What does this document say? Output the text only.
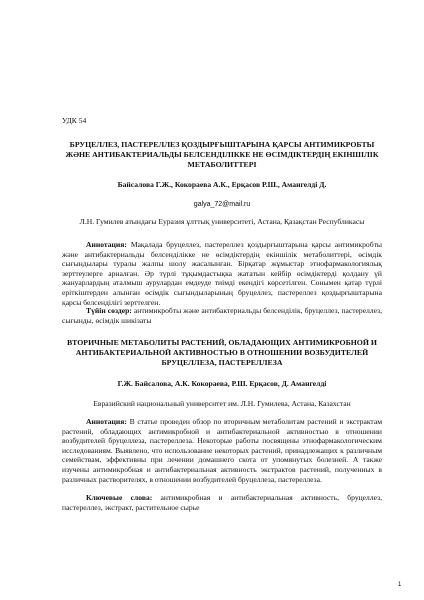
УДК 54
БРУЦЕЛЛЕЗ, ПАСТЕРЕЛЛЕЗ ҚОЗДЫРҒЫШТАРЫНА ҚАРСЫ АНТИМИКРОБТЫ ЖӘНЕ АНТИБАКТЕРИАЛЬДЫ БЕЛСЕНДІЛІККЕ НЕ ӨСІМДІКТЕРДІҢ ЕКІНШІЛІК МЕТАБОЛИТТЕРІ
Байсалова Г.Ж., Кокораева А.К., Ерқасов Р.Ш., Амангелді Д.
galya_72@mail.ru
Л.Н. Гумилев атындағы Еуразия ұлттық университеті, Астана, Қазақстан Республикасы
Аннотация: Мақалада бруцеллез, пастереллез қоздырғыштарына қарсы антимикробты және антибактериальды белсенділікке не өсімдіктердің екіншілік метаболиттері, өсімдік сығындылары туралы жалпы шолу жасалынған. Бірқатар жұмыстар этнофармакологиялық зерттеулерге арналған. Әр түрлі тұқымдастықка жататын кейбір өсімдіктерді қолдану үй жануарлардың аталмыш аурулардан емдеуде тиімді екендігі көрсетілген. Сонымен қатар түрлі еріткіштерден алынған өсімдік сығындыларының бруцеллез, пастереллез қоздырғыштарына қарсы белсенділігі зерттелген.
Түйін сөздер: антимикробты және антибактериальды белсенділік, бруцеллез, пастереллез, сығынды, өсімдік шикізаты
ВТОРИЧНЫЕ МЕТАБОЛИТЫ РАСТЕНИЙ, ОБЛАДАЮЩИХ АНТИМИКРОБНОЙ И АНТИБАКТЕРИАЛЬНОЙ АКТИВНОСТЬЮ В ОТНОШЕНИИ ВОЗБУДИТЕЛЕЙ БРУЦЕЛЛЕЗА, ПАСТЕРЕЛЛЕЗА
Г.Ж. Байсалова, А.К. Кокораева, Р.Ш. Ерқасов, Д. Амангелді
Евразийский национальный университет им. Л.Н. Гумилева, Астана, Казахстан
Аннотация: В статье проведен обзор по вторичным метаболитам растений и экстрактам растений, обладающих антимикробной и антибактериальной активностью в отношении возбудителей бруцеллеза, пастереллеза. Некоторые работы посвящены этнофармакологическим исследованиям. Выявлено, что использование некоторых растений, принадлежащих к различным семействам, эффективны при лечении домашнего скота от упомянутых болезней. А также изучены антимикробная и антибактериальная активность экстрактов растений, полученных в различных растворителях, в отношении возбудителей бруцеллеза, пастереллеза.
Ключевые слова: антимикробная и антибактериальная активность, бруцеллез, пастереллез, экстракт, растительное сырье
1
